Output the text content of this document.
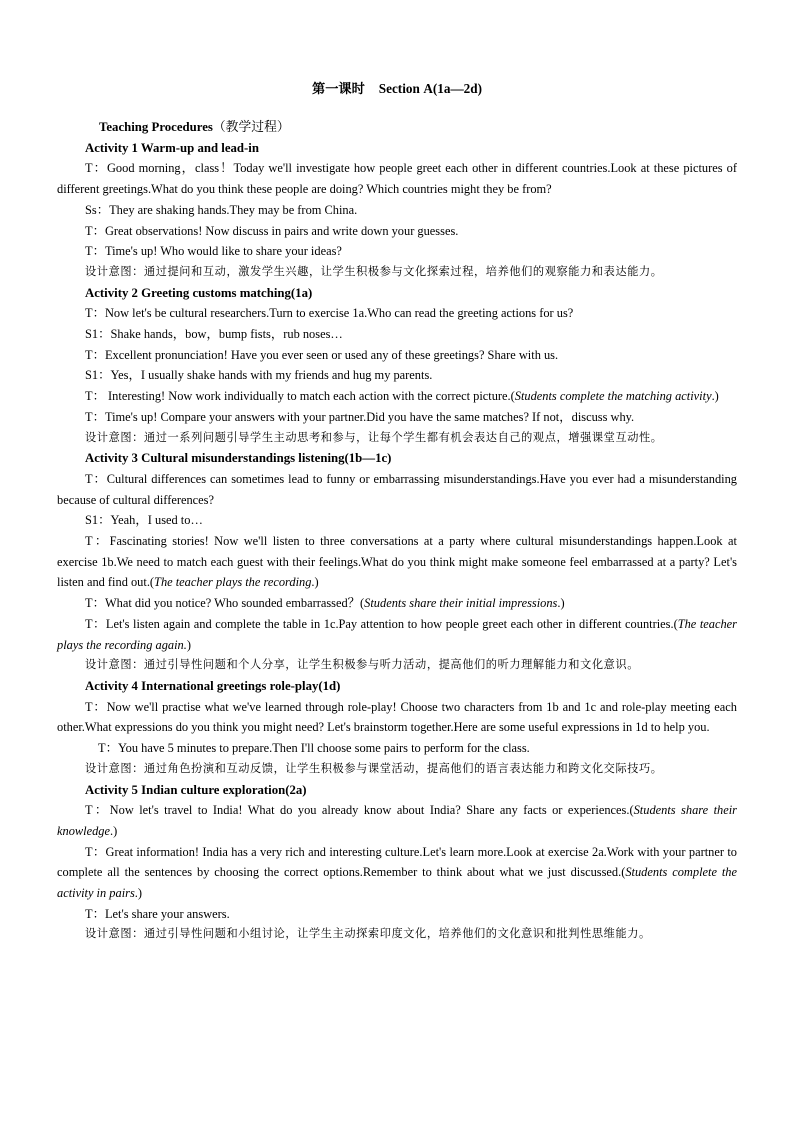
第一课时 Section A(1a—2d)

Teaching Procedures（教学过程）

Activity 1 Warm-up and lead-in

T：Good morning，class！Today we'll investigate how people greet each other in different countries.Look at these pictures of different greetings.What do you think these people are doing? Which countries might they be from?

Ss：They are shaking hands.They may be from China.

T：Great observations! Now discuss in pairs and write down your guesses.

T：Time's up! Who would like to share your ideas?

设计意图：通过提问和互动，激发学生兴趣，让学生积极参与文化探索过程，培养他们的观察能力和表达能力。

Activity 2 Greeting customs matching(1a)

T：Now let's be cultural researchers.Turn to exercise 1a.Who can read the greeting actions for us?

S1：Shake hands，bow，bump fists，rub noses…

T：Excellent pronunciation! Have you ever seen or used any of these greetings? Share with us.

S1：Yes，I usually shake hands with my friends and hug my parents.

T： Interesting! Now work individually to match each action with the correct picture.(Students complete the matching activity.)

T：Time's up! Compare your answers with your partner.Did you have the same matches? If not，discuss why.

设计意图：通过一系列问题引导学生主动思考和参与，让每个学生都有机会表达自己的观点，增强课堂互动性。

Activity 3 Cultural misunderstandings listening(1b—1c)

T：Cultural differences can sometimes lead to funny or embarrassing misunderstandings.Have you ever had a misunderstanding because of cultural differences?

S1：Yeah，I used to…

T：Fascinating stories! Now we'll listen to three conversations at a party where cultural misunderstandings happen.Look at exercise 1b.We need to match each guest with their feelings.What do you think might make someone feel embarrassed at a party? Let's listen and find out.(The teacher plays the recording.)

T：What did you notice? Who sounded embarrassed？(Students share their initial impressions.)

T：Let's listen again and complete the table in 1c.Pay attention to how people greet each other in different countries.(The teacher plays the recording again.)

设计意图：通过引导性问题和个人分享，让学生积极参与听力活动，提高他们的听力理解能力和文化意识。

Activity 4 International greetings role-play(1d)

T：Now we'll practise what we've learned through role-play! Choose two characters from 1b and 1c and role-play meeting each other.What expressions do you think you might need? Let's brainstorm together.Here are some useful expressions in 1d to help you.

T：You have 5 minutes to prepare.Then I'll choose some pairs to perform for the class.

设计意图：通过角色扮演和互动反馈，让学生积极参与课堂活动，提高他们的语言表达能力和跨文化交际技巧。

Activity 5 Indian culture exploration(2a)

T：Now let's travel to India! What do you already know about India? Share any facts or experiences.(Students share their knowledge.)

T：Great information! India has a very rich and interesting culture.Let's learn more.Look at exercise 2a.Work with your partner to complete all the sentences by choosing the correct options.Remember to think about what we just discussed.(Students complete the activity in pairs.)

T：Let's share your answers.

设计意图：通过引导性问题和小组讨论，让学生主动探索印度文化，培养他们的文化意识和批判性思维能力。
